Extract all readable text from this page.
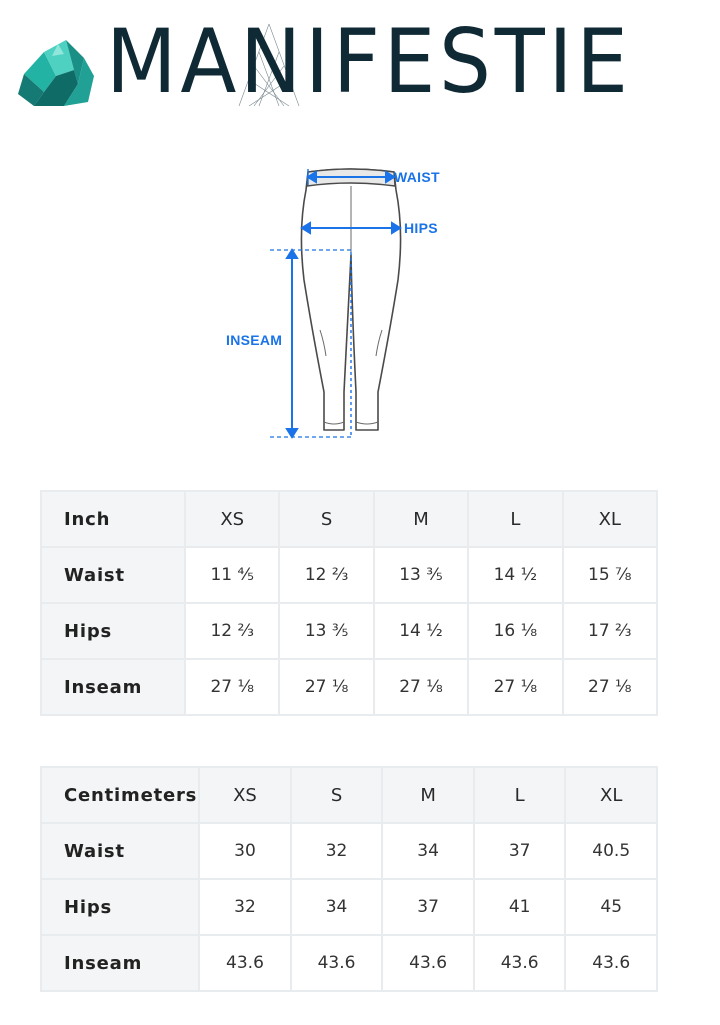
MANIFESTIE
WAIST
HIPS
INSEAM
Inch	XS	S	M	L	XL
Waist	11 ⅘	12 ⅔	13 ⅗	14 ½	15 ⅞
Hips	12 ⅔	13 ⅗	14 ½	16 ⅛	17 ⅔
Inseam	27 ⅛	27 ⅛	27 ⅛	27 ⅛	27 ⅛
Centimeters	XS	S	M	L	XL
Waist	30	32	34	37	40.5
Hips	32	34	37	41	45
Inseam	43.6	43.6	43.6	43.6	43.6
